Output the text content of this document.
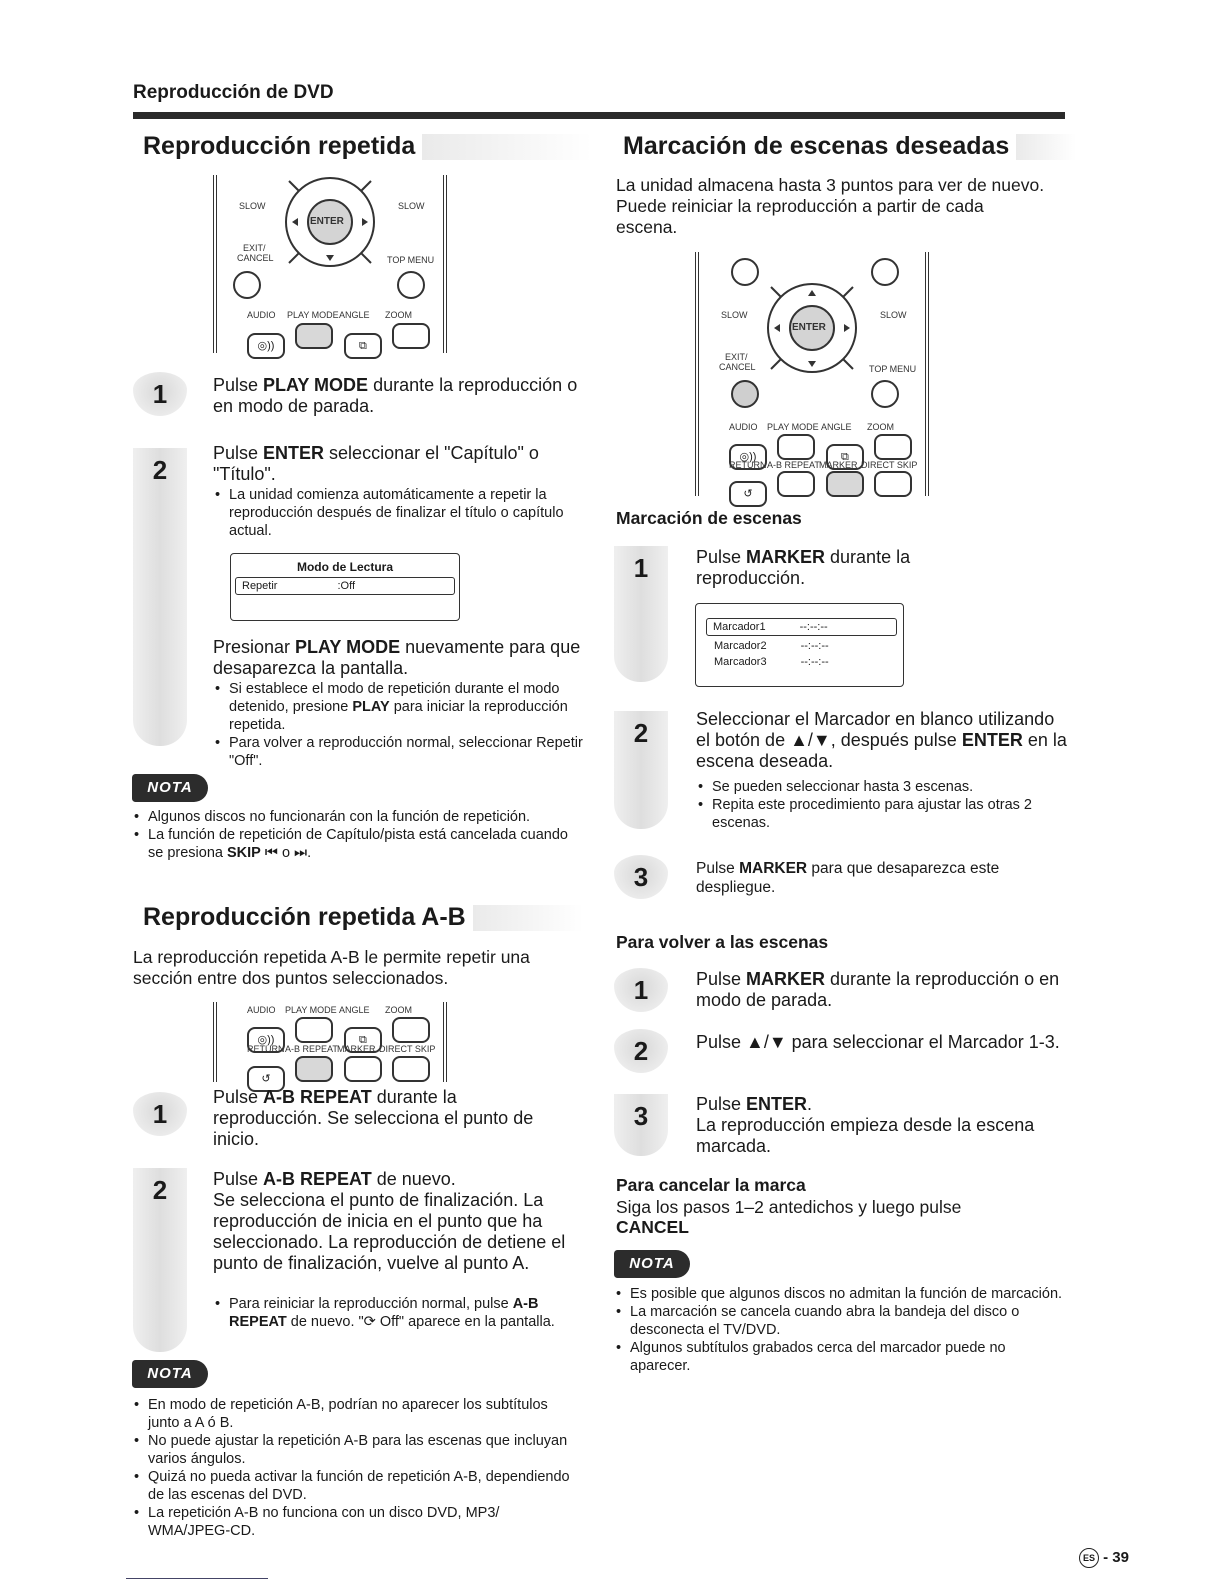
Reproducción de DVD
Reproducción repetida
ENTER
SLOW	SLOW
EXIT/
CANCEL	TOP MENU
AUDIO PLAY MODE ANGLE ZOOM
◎))	⧉
1	Pulse PLAY MODE durante la reproducción o en modo de parada.
2
Pulse ENTER seleccionar el "Capítulo" o "Título".
• La unidad comienza automáticamente a repetir la reproducción después de finalizar el título o capítulo actual.
Modo de Lectura
Repetir	:Off
Presionar PLAY MODE nuevamente para que desaparezca la pantalla.
• Si establece el modo de repetición durante el modo detenido, presione PLAY para iniciar la reproducción repetida.
• Para volver a reproducción normal, seleccionar Repetir "Off".
NOTA
• Algunos discos no funcionarán con la función de repetición.
• La función de repetición de Capítulo/pista está cancelada cuando se presiona SKIP ⏮ o ⏭.
Reproducción repetida A-B
La reproducción repetida A-B le permite repetir una sección entre dos puntos seleccionados.
AUDIO PLAY MODE ANGLE ZOOM
◎))	⧉
RETURN A-B REPEAT MARKER DIRECT SKIP
↺
1
Pulse A-B REPEAT durante la reproducción. Se selecciona el punto de inicio.
2	Pulse A-B REPEAT de nuevo.
Se selecciona el punto de finalización. La reproducción de inicia en el punto que ha seleccionado. La reproducción de detiene el punto de finalización, vuelve al punto A.
• Para reiniciar la reproducción normal, pulse A-B REPEAT de nuevo. "⟳ Off" aparece en la pantalla.
NOTA
• En modo de repetición A-B, podrían no aparecer los subtítulos junto a A ó B.
• No puede ajustar la repetición A-B para las escenas que incluyan varios ángulos.
• Quizá no pueda activar la función de repetición A-B, dependiendo de las escenas del DVD.
• La repetición A-B no funciona con un disco DVD, MP3/ WMA/JPEG-CD.
Marcación de escenas deseadas
La unidad almacena hasta 3 puntos para ver de nuevo. Puede reiniciar la reproducción a partir de cada escena.
ENTER
SLOW	SLOW
EXIT/
CANCEL	TOP MENU
AUDIO PLAY MODE ANGLE ZOOM
◎))	⧉
RETURN A-B REPEAT MARKER DIRECT SKIP
↺
Marcación de escenas
1	Pulse MARKER durante la reproducción.
Marcador1	--:--:--
Marcador2	--:--:--
Marcador3	--:--:--
2	Seleccionar el Marcador en blanco utilizando el botón de ▲/▼, después pulse ENTER en la escena deseada.
• Se pueden seleccionar hasta 3 escenas.
• Repita este procedimiento para ajustar las otras 2 escenas.
3	Pulse MARKER para que desaparezca este despliegue.
Para volver a las escenas
1	Pulse MARKER durante la reproducción o en modo de parada.
2	Pulse ▲/▼ para seleccionar el Marcador 1-3.
3	Pulse ENTER.
La reproducción empieza desde la escena marcada.
Para cancelar la marca
Siga los pasos 1–2 antedichos y luego pulse
CANCEL
NOTA
• Es posible que algunos discos no admitan la función de marcación.
• La marcación se cancela cuando abra la bandeja del disco o desconecta el TV/DVD.
• Algunos subtítulos grabados cerca del marcador puede no aparecer.
ES - 39
